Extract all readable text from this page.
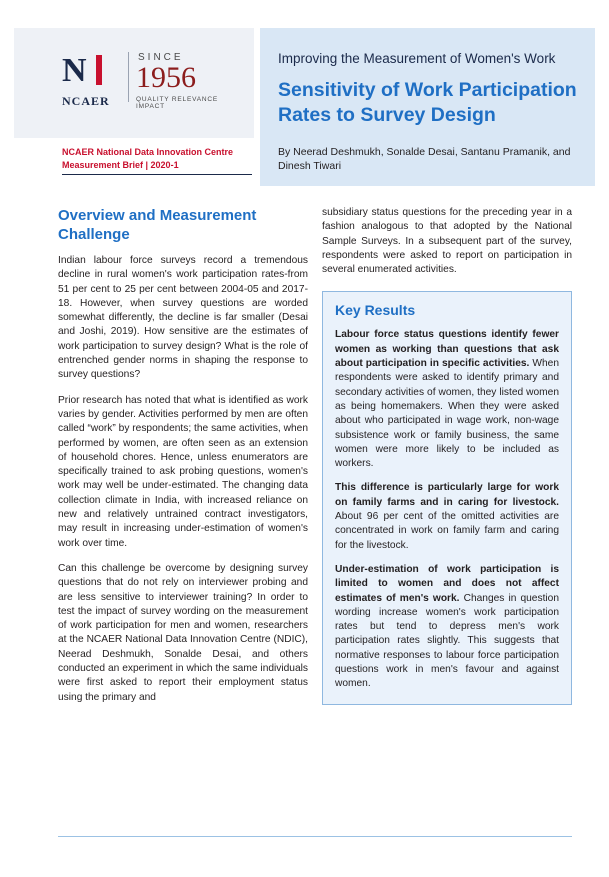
N
NCAER
SINCE
1956
QUALITY RELEVANCE IMPACT
NCAER National Data Innovation Centre Measurement Brief | 2020-1
Improving the Measurement of Women's Work
Sensitivity of Work Participation Rates to Survey Design
By Neerad Deshmukh, Sonalde Desai, Santanu Pramanik, and Dinesh Tiwari
Overview and Measurement Challenge

Indian labour force surveys record a tremendous decline in rural women's work participation rates-from 51 per cent to 25 per cent between 2004-05 and 2017-18. However, when survey questions are worded somewhat differently, the decline is far smaller (Desai and Joshi, 2019). How sensitive are the estimates of work participation to survey design? What is the role of entrenched gender norms in shaping the response to survey questions?

Prior research has noted that what is identified as work varies by gender. Activities performed by men are often called “work” by respondents; the same activities, when performed by women, are often seen as an extension of household chores. Hence, unless enumerators are specifically trained to ask probing questions, women's work may well be under-estimated. The changing data collection climate in India, with increased reliance on new and relatively untrained contract investigators, may result in increasing under-estimation of women's work over time.

Can this challenge be overcome by designing survey questions that do not rely on interviewer probing and are less sensitive to interviewer training? In order to test the impact of survey wording on the measurement of work participation for men and women, researchers at the NCAER National Data Innovation Centre (NDIC), Neerad Deshmukh, Sonalde Desai, and others conducted an experiment in which the same individuals were first asked to report their employment status using the primary and

subsidiary status questions for the preceding year in a fashion analogous to that adopted by the National Sample Surveys. In a subsequent part of the survey, respondents were asked to report on participation in several enumerated activities.

Key Results

Labour force status questions identify fewer women as working than questions that ask about participation in specific activities. When respondents were asked to identify primary and secondary activities of women, they listed women as being homemakers. When they were asked about who participated in wage work, non-wage subsistence work or family business, the same women were more likely to be included as workers.

This difference is particularly large for work on family farms and in caring for livestock. About 96 per cent of the omitted activities are concentrated in work on family farm and caring for the livestock.

Under-estimation of work participation is limited to women and does not affect estimates of men's work. Changes in question wording increase women's work participation rates but tend to depress men's work participation rates slightly. This suggests that normative responses to labour force participation questions work in men's favour and against women.
